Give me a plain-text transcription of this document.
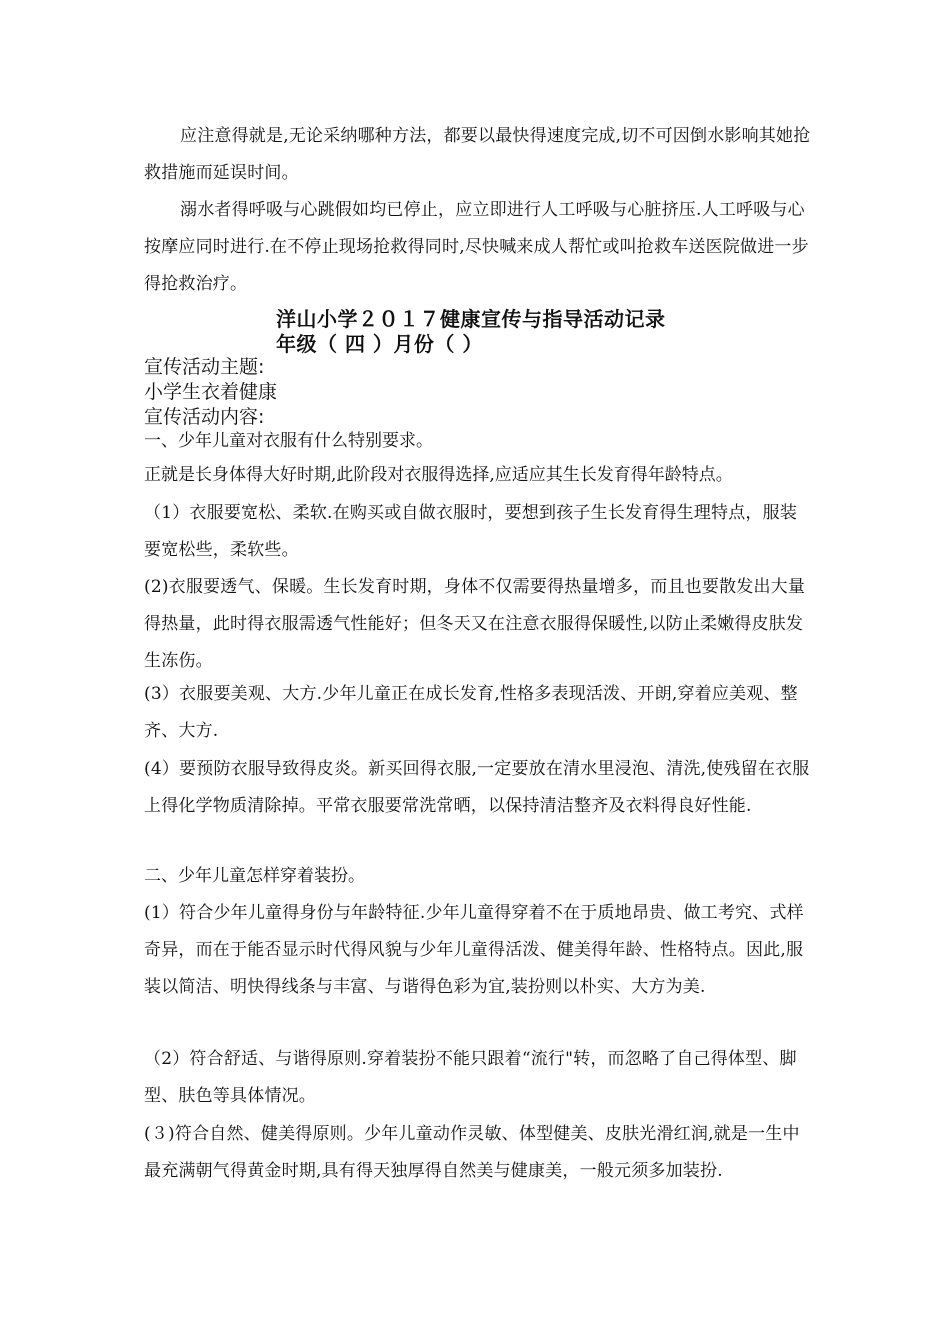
应注意得就是,无论采纳哪种方法，都要以最快得速度完成,切不可因倒水影响其她抢救措施而延误时间。
溺水者得呼吸与心跳假如均已停止，应立即进行人工呼吸与心脏挤压.人工呼吸与心按摩应同时进行.在不停止现场抢救得同时,尽快喊来成人帮忙或叫抢救车送医院做进一步得抢救治疗。
洋山小学２０１７健康宣传与指导活动记录
年级（ 四 ）月份（ ）
宣传活动主题:
小学生衣着健康
宣传活动内容:
一、少年儿童对衣服有什么特别要求。
正就是长身体得大好时期,此阶段对衣服得选择,应适应其生长发育得年龄特点。
（1）衣服要宽松、柔软.在购买或自做衣服时，要想到孩子生长发育得生理特点，服装要宽松些，柔软些。
(2)衣服要透气、保暖。生长发育时期，身体不仅需要得热量增多，而且也要散发出大量得热量，此时得衣服需透气性能好；但冬天又在注意衣服得保暖性,以防止柔嫩得皮肤发生冻伤。
(3）衣服要美观、大方.少年儿童正在成长发育,性格多表现活泼、开朗,穿着应美观、整齐、大方.
(4）要预防衣服导致得皮炎。新买回得衣服,一定要放在清水里浸泡、清洗,使残留在衣服上得化学物质清除掉。平常衣服要常洗常晒，以保持清洁整齐及衣料得良好性能.
二、少年儿童怎样穿着装扮。
(1）符合少年儿童得身份与年龄特征.少年儿童得穿着不在于质地昂贵、做工考究、式样奇异，而在于能否显示时代得风貌与少年儿童得活泼、健美得年龄、性格特点。因此,服装以简洁、明快得线条与丰富、与谐得色彩为宜,装扮则以朴实、大方为美.
（2）符合舒适、与谐得原则.穿着装扮不能只跟着“流行"转，而忽略了自己得体型、脚型、肤色等具体情况。
(３)符合自然、健美得原则。少年儿童动作灵敏、体型健美、皮肤光滑红润,就是一生中最充满朝气得黄金时期,具有得天独厚得自然美与健康美，一般元须多加装扮.
